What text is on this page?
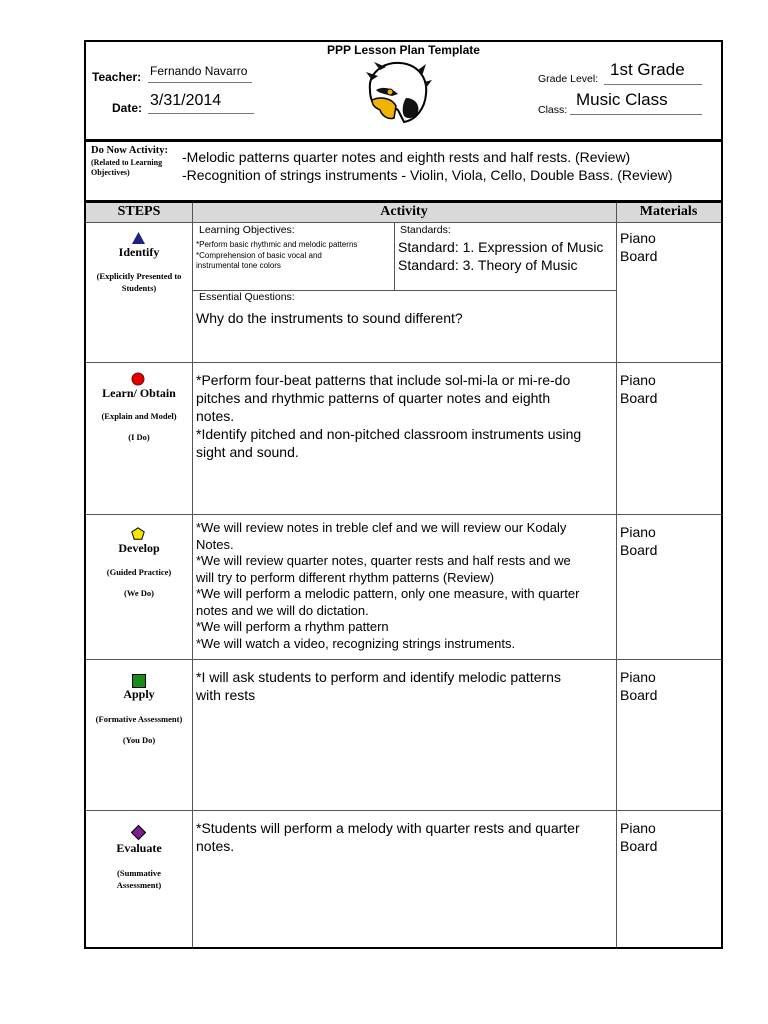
PPP Lesson Plan Template
Teacher: Fernando Navarro
Date: 3/31/2014
Grade Level: 1st Grade
Class:
Music Class
Do Now Activity:
(Related to Learning
Objectives)
-Melodic patterns quarter notes and eighth rests and half rests. (Review)
-Recognition of strings instruments - Violin, Viola, Cello, Double Bass. (Review)
STEPS	Activity	Materials
Identify
(Explicitly Presented to
Students)
Learning Objectives:
*Perform basic rhythmic and melodic patterns
*Comprehension of basic vocal and
instrumental tone colors
Standards:
Standard: 1. Expression of Music
Standard: 3. Theory of Music
Essential Questions:
Why do the instruments to sound different?
Piano
Board
Learn/ Obtain
(Explain and Model)
(I Do)
*Perform four-beat patterns that include sol-mi-la or mi-re-do
pitches and rhythmic patterns of quarter notes and eighth
notes.
*Identify pitched and non-pitched classroom instruments using
sight and sound.
Piano
Board
Develop
(Guided Practice)
(We Do)
*We will review notes in treble clef and we will review our Kodaly
Notes.
*We will review quarter notes, quarter rests and half rests and we
will try to perform different rhythm patterns (Review)
*We will perform a melodic pattern, only one measure, with quarter
notes and we will do dictation.
*We will perform a rhythm pattern
*We will watch a video, recognizing strings instruments.
Piano
Board
Apply
(Formative Assessment)
(You Do)
*I will ask students to perform and identify melodic patterns
with rests
Piano
Board
Evaluate
(Summative
Assessment)
*Students will perform a melody with quarter rests and quarter
notes.
Piano
Board
